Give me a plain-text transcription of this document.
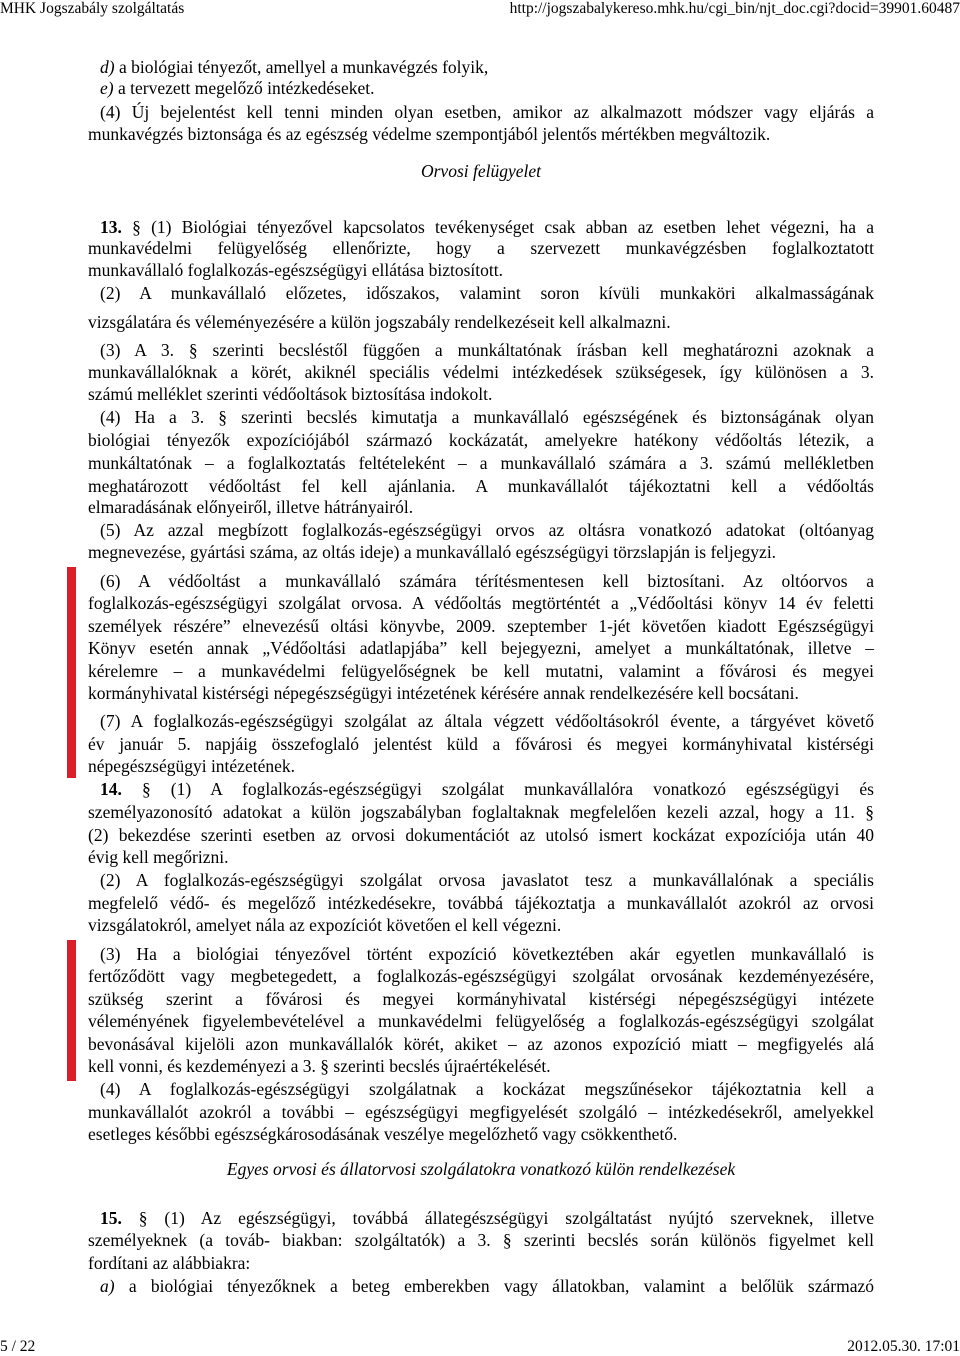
MHK Jogszabály szolgáltatás	http://jogszabalykereso.mhk.hu/cgi_bin/njt_doc.cgi?docid=39901.60487
d) a biológiai tényezőt, amellyel a munkavégzés folyik,
e) a tervezett megelőző intézkedéseket.
(4) Új bejelentést kell tenni minden olyan esetben, amikor az alkalmazott módszer vagy eljárás a
munkavégzés biztonsága és az egészség védelme szempontjából jelentős mértékben megváltozik.
Orvosi felügyelet
13. § (1) Biológiai tényezővel kapcsolatos tevékenységet csak abban az esetben lehet végezni, ha a
munkavédelmi felügyelőség ellenőrizte, hogy a szervezett munkavégzésben foglalkoztatott
munkavállaló foglalkozás-egészségügyi ellátása biztosított.
(2) A munkavállaló előzetes, időszakos, valamint soron kívüli munkaköri alkalmasságának
vizsgálatára és véleményezésére a külön jogszabály rendelkezéseit kell alkalmazni.
(3) A 3. § szerinti becsléstől függően a munkáltatónak írásban kell meghatározni azoknak a
munkavállalóknak a körét, akiknél speciális védelmi intézkedések szükségesek, így különösen a 3.
számú melléklet szerinti védőoltások biztosítása indokolt.
(4) Ha a 3. § szerinti becslés kimutatja a munkavállaló egészségének és biztonságának olyan
biológiai tényezők expozíciójából származó kockázatát, amelyekre hatékony védőoltás létezik, a
munkáltatónak – a foglalkoztatás feltételeként – a munkavállaló számára a 3. számú mellékletben
meghatározott védőoltást fel kell ajánlania. A munkavállalót tájékoztatni kell a védőoltás
elmaradásának előnyeiről, illetve hátrányairól.
(5) Az azzal megbízott foglalkozás-egészségügyi orvos az oltásra vonatkozó adatokat (oltóanyag
megnevezése, gyártási száma, az oltás ideje) a munkavállaló egészségügyi törzslapján is feljegyzi.
(6) A védőoltást a munkavállaló számára térítésmentesen kell biztosítani. Az oltóorvos a
foglalkozás-egészségügyi szolgálat orvosa. A védőoltás megtörténtét a „Védőoltási könyv 14 év feletti
személyek részére” elnevezésű oltási könyvbe, 2009. szeptember 1-jét követően kiadott Egészségügyi
Könyv esetén annak „Védőoltási adatlapjába” kell bejegyezni, amelyet a munkáltatónak, illetve –
kérelemre – a munkavédelmi felügyelőségnek be kell mutatni, valamint a fővárosi és megyei
kormányhivatal kistérségi népegészségügyi intézetének kérésére annak rendelkezésére kell bocsátani.
(7) A foglalkozás-egészségügyi szolgálat az általa végzett védőoltásokról évente, a tárgyévet követő
év január 5. napjáig összefoglaló jelentést küld a fővárosi és megyei kormányhivatal kistérségi
népegészségügyi intézetének.
14. § (1) A foglalkozás-egészségügyi szolgálat munkavállalóra vonatkozó egészségügyi és
személyazonosító adatokat a külön jogszabályban foglaltaknak megfelelően kezeli azzal, hogy a 11. §
(2) bekezdése szerinti esetben az orvosi dokumentációt az utolsó ismert kockázat expozíciója után 40
évig kell megőrizni.
(2) A foglalkozás-egészségügyi szolgálat orvosa javaslatot tesz a munkavállalónak a speciális
megfelelő védő- és megelőző intézkedésekre, továbbá tájékoztatja a munkavállalót azokról az orvosi
vizsgálatokról, amelyet nála az expozíciót követően el kell végezni.
(3) Ha a biológiai tényezővel történt expozíció következtében akár egyetlen munkavállaló is
fertőződött vagy megbetegedett, a foglalkozás-egészségügyi szolgálat orvosának kezdeményezésére,
szükség szerint a fővárosi és megyei kormányhivatal kistérségi népegészségügyi intézete
véleményének figyelembevételével a munkavédelmi felügyelőség a foglalkozás-egészségügyi szolgálat
bevonásával kijelöli azon munkavállalók körét, akiket – az azonos expozíció miatt – megfigyelés alá
kell vonni, és kezdeményezi a 3. § szerinti becslés újraértékelését.
(4) A foglalkozás-egészségügyi szolgálatnak a kockázat megszűnésekor tájékoztatnia kell a
munkavállalót azokról a további – egészségügyi megfigyelését szolgáló – intézkedésekről, amelyekkel
esetleges későbbi egészségkárosodásának veszélye megelőzhető vagy csökkenthető.
Egyes orvosi és állatorvosi szolgálatokra vonatkozó külön rendelkezések
15. § (1) Az egészségügyi, továbbá állategészségügyi szolgáltatást nyújtó szerveknek, illetve
személyeknek (a továb- biakban: szolgáltatók) a 3. § szerinti becslés során különös figyelmet kell
fordítani az alábbiakra:
a) a biológiai tényezőknek a beteg emberekben vagy állatokban, valamint a belőlük származó
5 / 22	2012.05.30. 17:01
